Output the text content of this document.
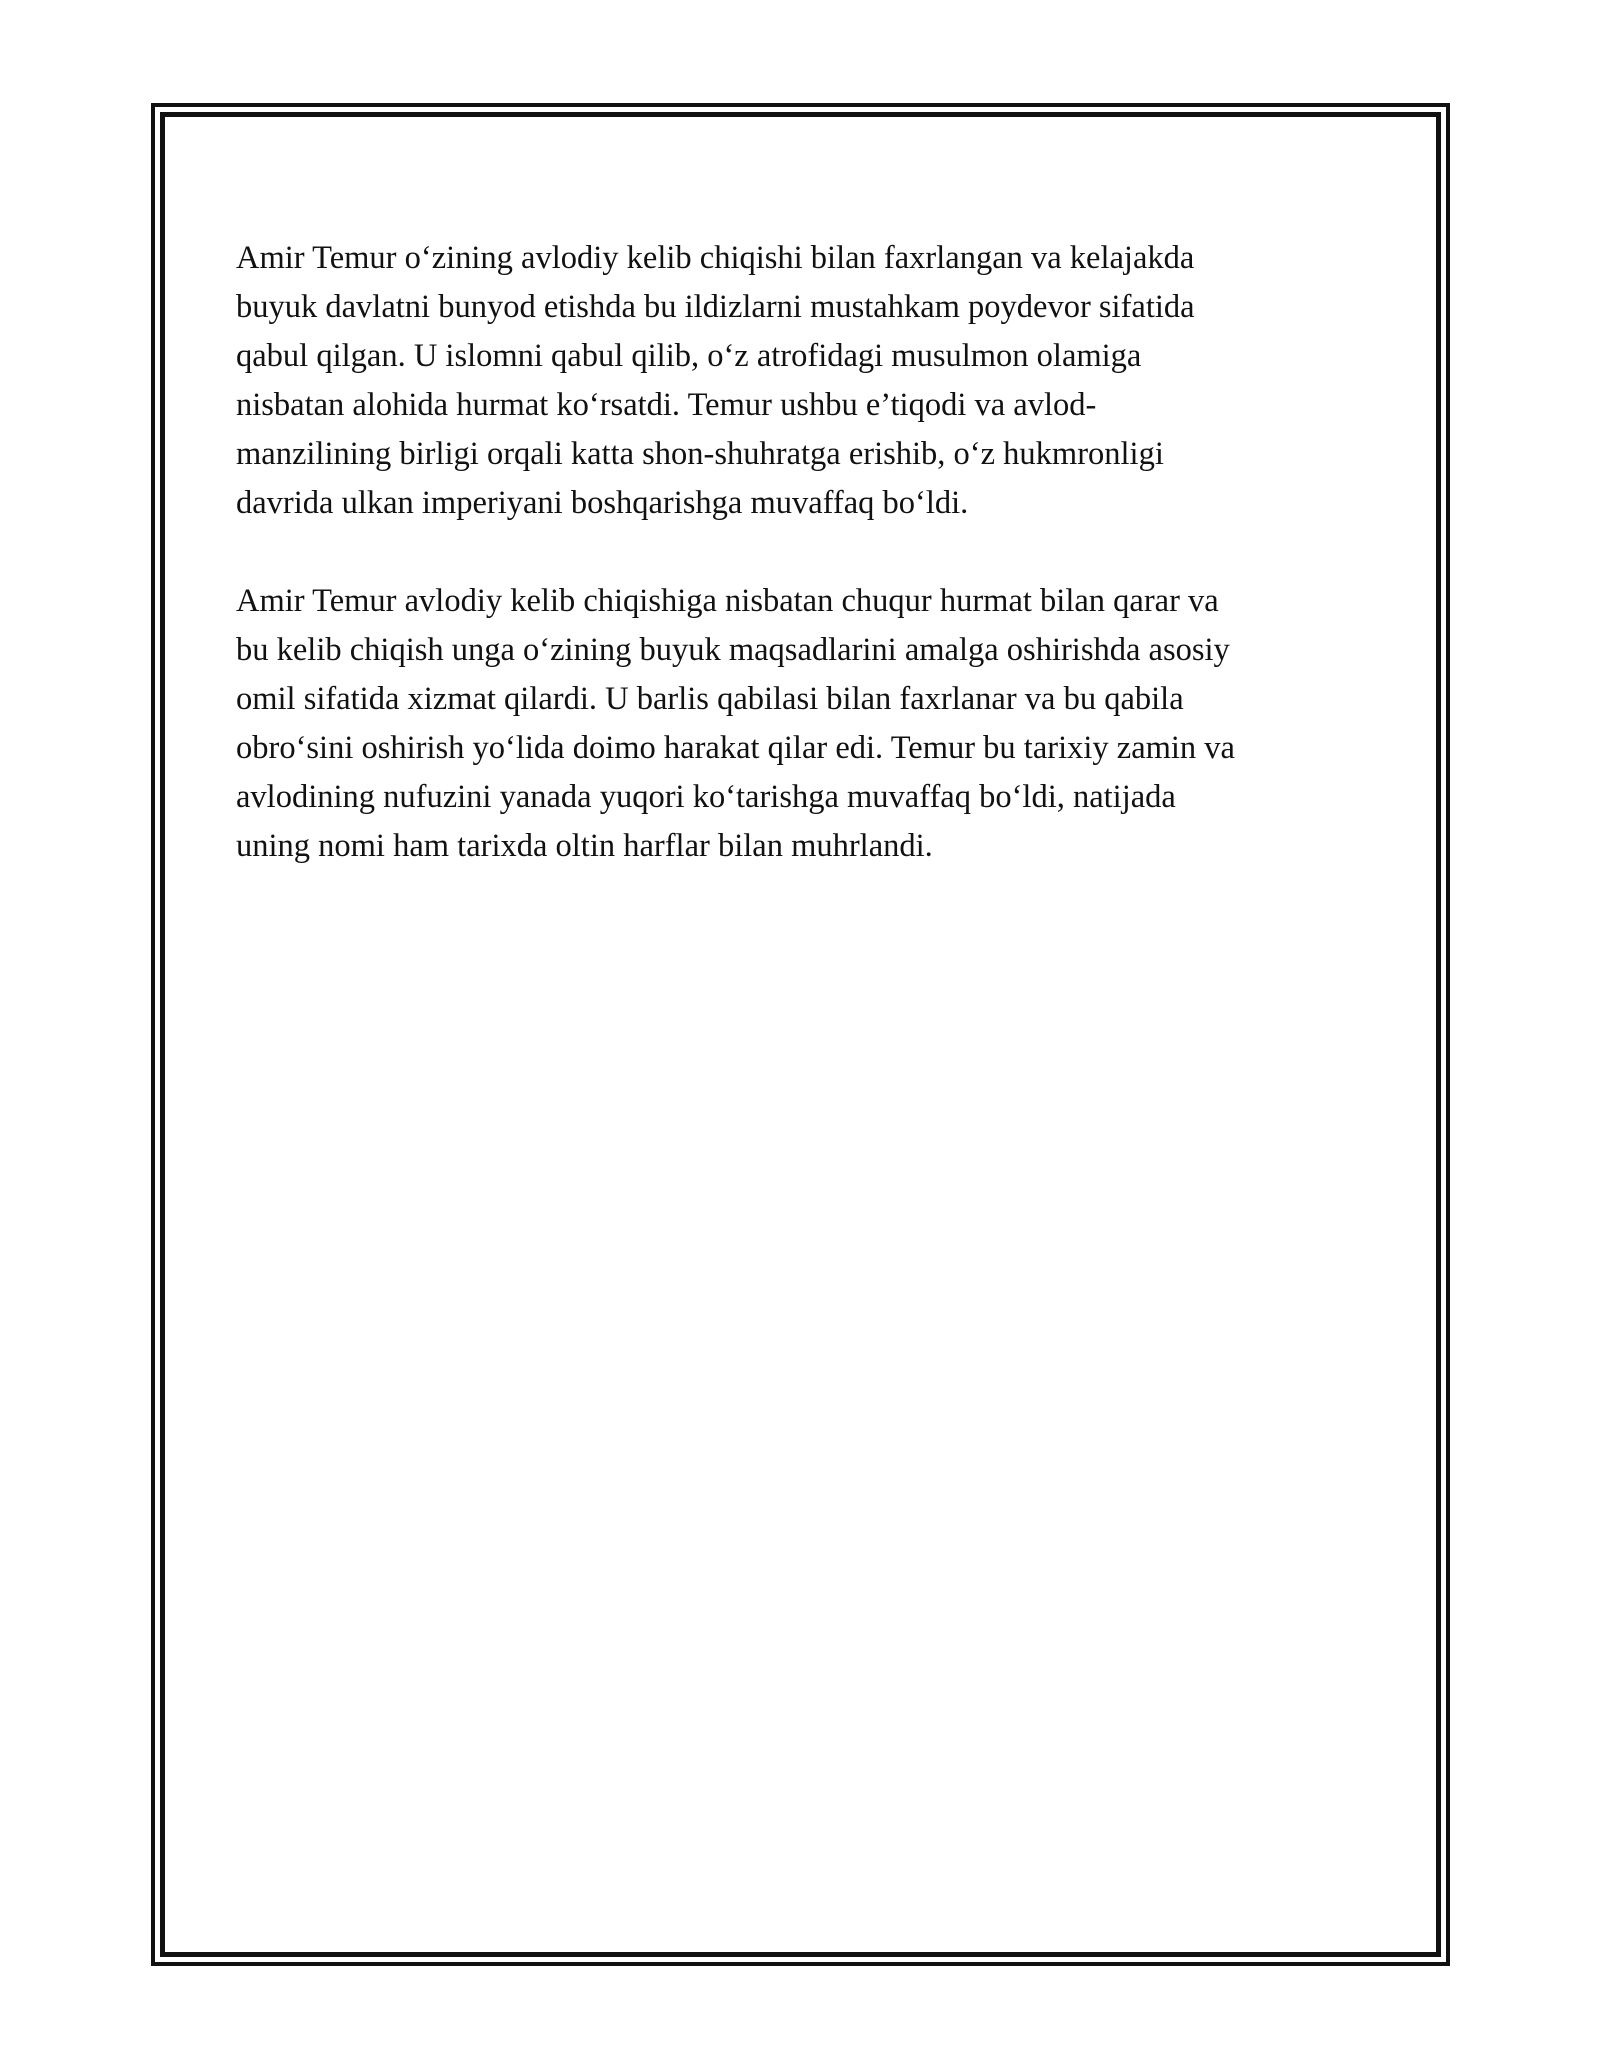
Amir Temur o‘zining avlodiy kelib chiqishi bilan faxrlangan va kelajakda
buyuk davlatni bunyod etishda bu ildizlarni mustahkam poydevor sifatida
qabul qilgan. U islomni qabul qilib, o‘z atrofidagi musulmon olamiga
nisbatan alohida hurmat ko‘rsatdi. Temur ushbu e’tiqodi va avlod-
manzilining birligi orqali katta shon-shuhratga erishib, o‘z hukmronligi
davrida ulkan imperiyani boshqarishga muvaffaq bo‘ldi.

Amir Temur avlodiy kelib chiqishiga nisbatan chuqur hurmat bilan qarar va
bu kelib chiqish unga o‘zining buyuk maqsadlarini amalga oshirishda asosiy
omil sifatida xizmat qilardi. U barlis qabilasi bilan faxrlanar va bu qabila
obro‘sini oshirish yo‘lida doimo harakat qilar edi. Temur bu tarixiy zamin va
avlodining nufuzini yanada yuqori ko‘tarishga muvaffaq bo‘ldi, natijada
uning nomi ham tarixda oltin harflar bilan muhrlandi.
